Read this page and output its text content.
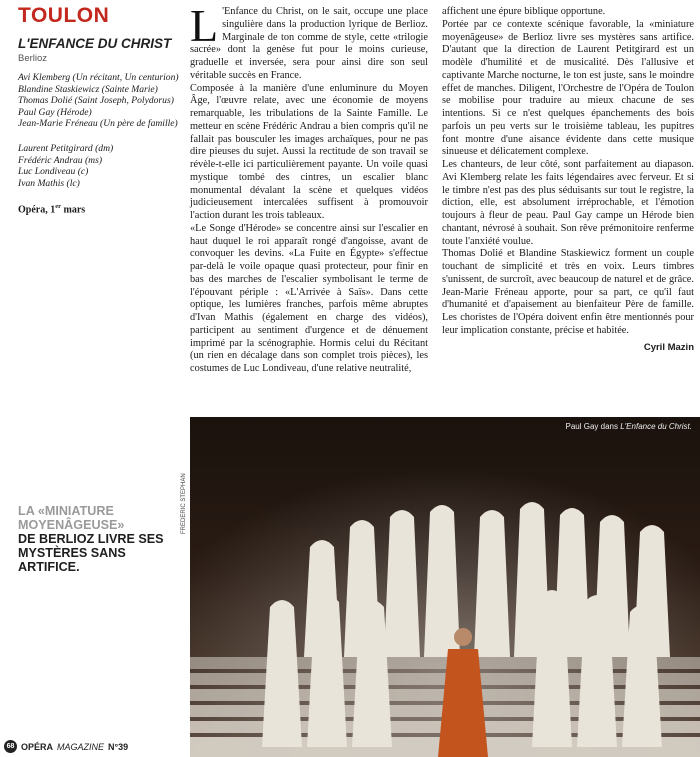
TOULON
L'ENFANCE DU CHRIST
Berlioz
Avi Klemberg (Un récitant, Un centurion)
Blandine Staskiewicz (Sainte Marie)
Thomas Dolié (Saint Joseph, Polydorus)
Paul Gay (Hérode)
Jean-Marie Fréneau (Un père de famille)
Laurent Petitgirard (dm)
Frédéric Andrau (ms)
Luc Londiveau (c)
Ivan Mathis (lc)
Opéra, 1er mars

L 'Enfance du Christ, on le sait, occupe une place singulière dans la production lyrique de Berlioz. Marginale de ton comme de style, cette «trilogie sacrée» dont la genèse fut pour le moins curieuse, graduelle et inversée, sera pour ainsi dire son seul véritable succès en France.

Composée à la manière d'une enluminure du Moyen Âge, l'œuvre relate, avec une économie de moyens remarquable, les tribulations de la Sainte Famille. Le metteur en scène Frédéric Andrau a bien compris qu'il ne fallait pas bousculer les images archaïques, pour ne pas dire pieuses du sujet. Aussi la rectitude de son travail se révèle-t-elle ici particulièrement payante. Un voile quasi mystique tombé des cintres, un escalier blanc monumental dévalant la scène et quelques vidéos judicieusement intercalées suffisent à promouvoir l'action durant les trois tableaux.

«Le Songe d'Hérode» se concentre ainsi sur l'escalier en haut duquel le roi apparaît rongé d'angoisse, avant de convoquer les devins. «La Fuite en Égypte» s'effectue par-delà le voile opaque quasi protecteur, pour finir en bas des marches de l'escalier symbolisant le terme de l'épouvant périple : «L'Arrivée à Saïs». Dans cette optique, les lumières franches, parfois même abruptes d'Ivan Mathis (également en charge des vidéos), participent au sentiment d'urgence et de dénuement imprimé par la scénographie. Hormis celui du Récitant (un rien en décalage dans son complet trois pièces), les costumes de Luc Londiveau, d'une relative neutralité,

affichent une épure biblique opportune.

Portée par ce contexte scénique favorable, la «miniature moyenâgeuse» de Berlioz livre ses mystères sans artifice. D'autant que la direction de Laurent Petitgirard est un modèle d'humilité et de musicalité. Dès l'allusive et captivante Marche nocturne, le ton est juste, sans le moindre effet de manches. Diligent, l'Orchestre de l'Opéra de Toulon se mobilise pour traduire au mieux chacune de ses intentions. Si ce n'est quelques épanchements des bois parfois un peu verts sur le troisième tableau, les pupitres font montre d'une aisance évidente dans cette musique sinueuse et délicatement complexe.

Les chanteurs, de leur côté, sont parfaitement au diapason. Avi Klemberg relate les faits légendaires avec ferveur. Et si le timbre n'est pas des plus séduisants sur tout le registre, la diction, elle, est absolument irréprochable, et l'émotion toujours à fleur de peau. Paul Gay campe un Hérode bien chantant, névrosé à souhait. Son rêve prémonitoire renferme toute l'anxiété voulue.

Thomas Dolié et Blandine Staskiewicz forment un couple touchant de simplicité et très en voix. Leurs timbres s'unissent, de surcroît, avec beaucoup de naturel et de grâce. Jean-Marie Fréneau apporte, pour sa part, ce qu'il faut d'humanité et d'apaisement au bienfaiteur Père de famille. Les choristes de l'Opéra doivent enfin être mentionnés pour leur implication constante, précise et habitée.

Cyril Mazin

LA «MINIATURE MOYENÂGEUSE»
DE BERLIOZ LIVRE SES MYSTÈRES SANS ARTIFICE.
FRÉDÉRIC STEPHAN
Paul Gay dans L'Enfance du Christ.
68 OPÉRA MAGAZINE N°39
